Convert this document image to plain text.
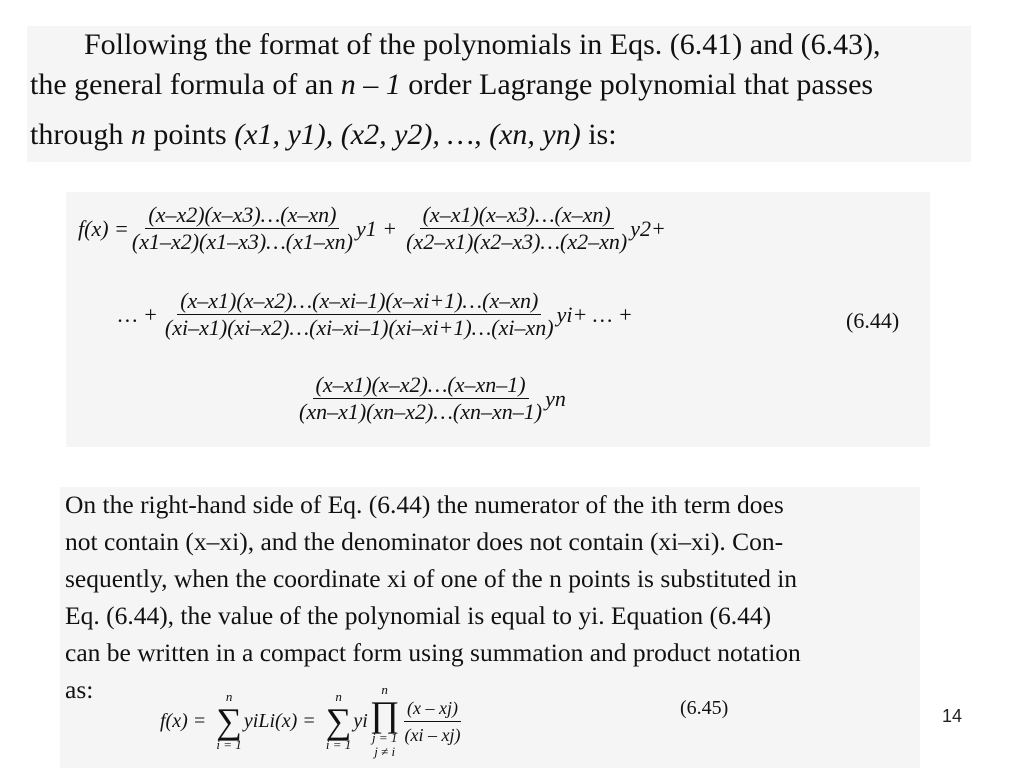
Following the format of the polynomials in Eqs. (6.41) and (6.43),
the general formula of an n – 1 order Lagrange polynomial that passes
through n points (x1, y1), (x2, y2), …, (xn, yn) is:
$f(x) = \frac{(x-x2)(x-x3)\dots(x-xn)}{(x1-x2)(x1-x3)\dots(x1-xn)} y1 + \frac{(x-x1)(x-x3)\dots(x-xn)}{(x2-x1)(x2-x3)\dots(x2-xn)} y2+$
… + $\frac{(x-x1)(x-x2)\dots(x-xi-1)(x-xi+1)\dots(x-xn)}{(xi-x1)(xi-x2)\dots(xi-xi-1)(xi-xi+1)\dots(xi-xn)} yi+$ … +	(6.44)
$\frac{(x-x1)(x-x2)\dots(x-xn-1)}{(xn-x1)(xn-x2)\dots(xn-xn-1)}$ yn
On the right-hand side of Eq. (6.44) the numerator of the ith term does
not contain (x–xi), and the denominator does not contain (xi–xi). Con-
sequently, when the coordinate xi of one of the n points is substituted in
Eq. (6.44), the value of the polynomial is equal to yi. Equation (6.44)
can be written in a compact form using summation and product notation
as:
f(x) =
n
∑
i = 1
yiLi(x) =
n
∑
i = 1
yi
n
∏
j = 1
j ≠ i
$\frac{(x - xj)}{(xi - xj)}$	(6.45)	14
